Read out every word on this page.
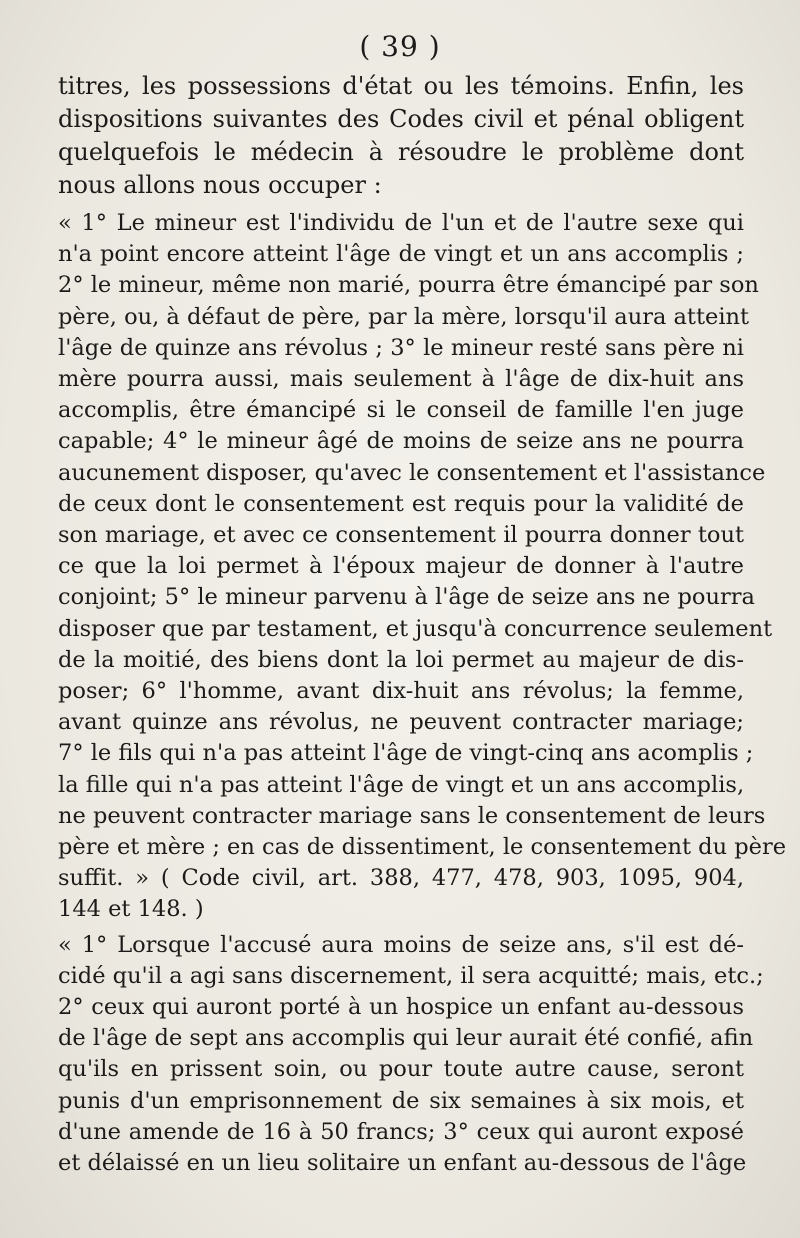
( 39 )
titres, les possessions d'état ou les témoins. Enfin, les
dispositions suivantes des Codes civil et pénal obligent
quelquefois le médecin à résoudre le problème dont
nous allons nous occuper :
« 1° Le mineur est l'individu de l'un et de l'autre sexe qui
n'a point encore atteint l'âge de vingt et un ans accomplis ;
2° le mineur, même non marié, pourra être émancipé par son
père, ou, à défaut de père, par la mère, lorsqu'il aura atteint
l'âge de quinze ans révolus ; 3° le mineur resté sans père ni
mère pourra aussi, mais seulement à l'âge de dix-huit ans
accomplis, être émancipé si le conseil de famille l'en juge
capable; 4° le mineur âgé de moins de seize ans ne pourra
aucunement disposer, qu'avec le consentement et l'assistance
de ceux dont le consentement est requis pour la validité de
son mariage, et avec ce consentement il pourra donner tout
ce que la loi permet à l'époux majeur de donner à l'autre
conjoint; 5° le mineur parvenu à l'âge de seize ans ne pourra
disposer que par testament, et jusqu'à concurrence seulement
de la moitié, des biens dont la loi permet au majeur de dis-
poser; 6° l'homme, avant dix-huit ans révolus; la femme,
avant quinze ans révolus, ne peuvent contracter mariage;
7° le fils qui n'a pas atteint l'âge de vingt-cinq ans acomplis ;
la fille qui n'a pas atteint l'âge de vingt et un ans accomplis,
ne peuvent contracter mariage sans le consentement de leurs
père et mère ; en cas de dissentiment, le consentement du père
suffit. » ( Code civil, art. 388, 477, 478, 903, 1095, 904,
144 et 148. )
« 1° Lorsque l'accusé aura moins de seize ans, s'il est dé-
cidé qu'il a agi sans discernement, il sera acquitté; mais, etc.;
2° ceux qui auront porté à un hospice un enfant au-dessous
de l'âge de sept ans accomplis qui leur aurait été confié, afin
qu'ils en prissent soin, ou pour toute autre cause, seront
punis d'un emprisonnement de six semaines à six mois, et
d'une amende de 16 à 50 francs; 3° ceux qui auront exposé
et délaissé en un lieu solitaire un enfant au-dessous de l'âge
